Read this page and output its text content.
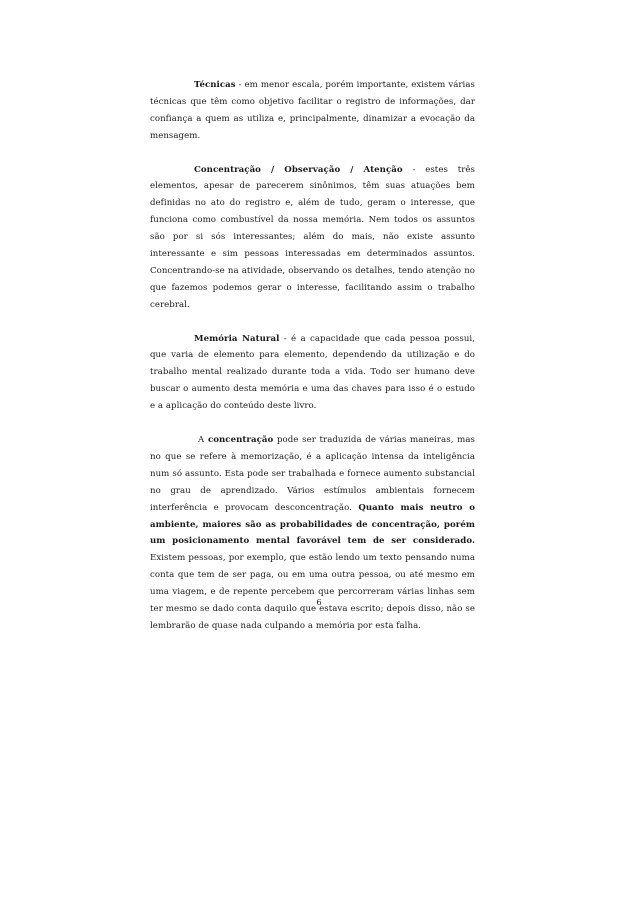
Técnicas - em menor escala, porém importante, existem várias técnicas que têm como objetivo facilitar o registro de informações, dar confiança a quem as utiliza e, principalmente, dinamizar a evocação da mensagem.

Concentração / Observação / Atenção - estes três elementos, apesar de parecerem sinônimos, têm suas atuações bem definidas no ato do registro e, além de tudo, geram o interesse, que funciona como combustível da nossa memória. Nem todos os assuntos são por si sós interessantes; além do mais, não existe assunto interessante e sim pessoas interessadas em determinados assuntos. Concentrando-se na atividade, observando os detalhes, tendo atenção no que fazemos podemos gerar o interesse, facilitando assim o trabalho cerebral.

Memória Natural - é a capacidade que cada pessoa possui, que varia de elemento para elemento, dependendo da utilização e do trabalho mental realizado durante toda a vida. Todo ser humano deve buscar o aumento desta memória e uma das chaves para isso é o estudo e a aplicação do conteúdo deste livro.

A concentração pode ser traduzida de várias maneiras, mas no que se refere à memorização, é a aplicação intensa da inteligência num só assunto. Esta pode ser trabalhada e fornece aumento substancial no grau de aprendizado. Vários estímulos ambientais fornecem interferência e provocam desconcentração. Quanto mais neutro o ambiente, maiores são as probabilidades de concentração, porém um posicionamento mental favorável tem de ser considerado. Existem pessoas, por exemplo, que estão lendo um texto pensando numa conta que tem de ser paga, ou em uma outra pessoa, ou até mesmo em uma viagem, e de repente percebem que percorreram várias linhas sem ter mesmo se dado conta daquilo que estava escrito; depois disso, não se lembrarão de quase nada culpando a memória por esta falha.

6
